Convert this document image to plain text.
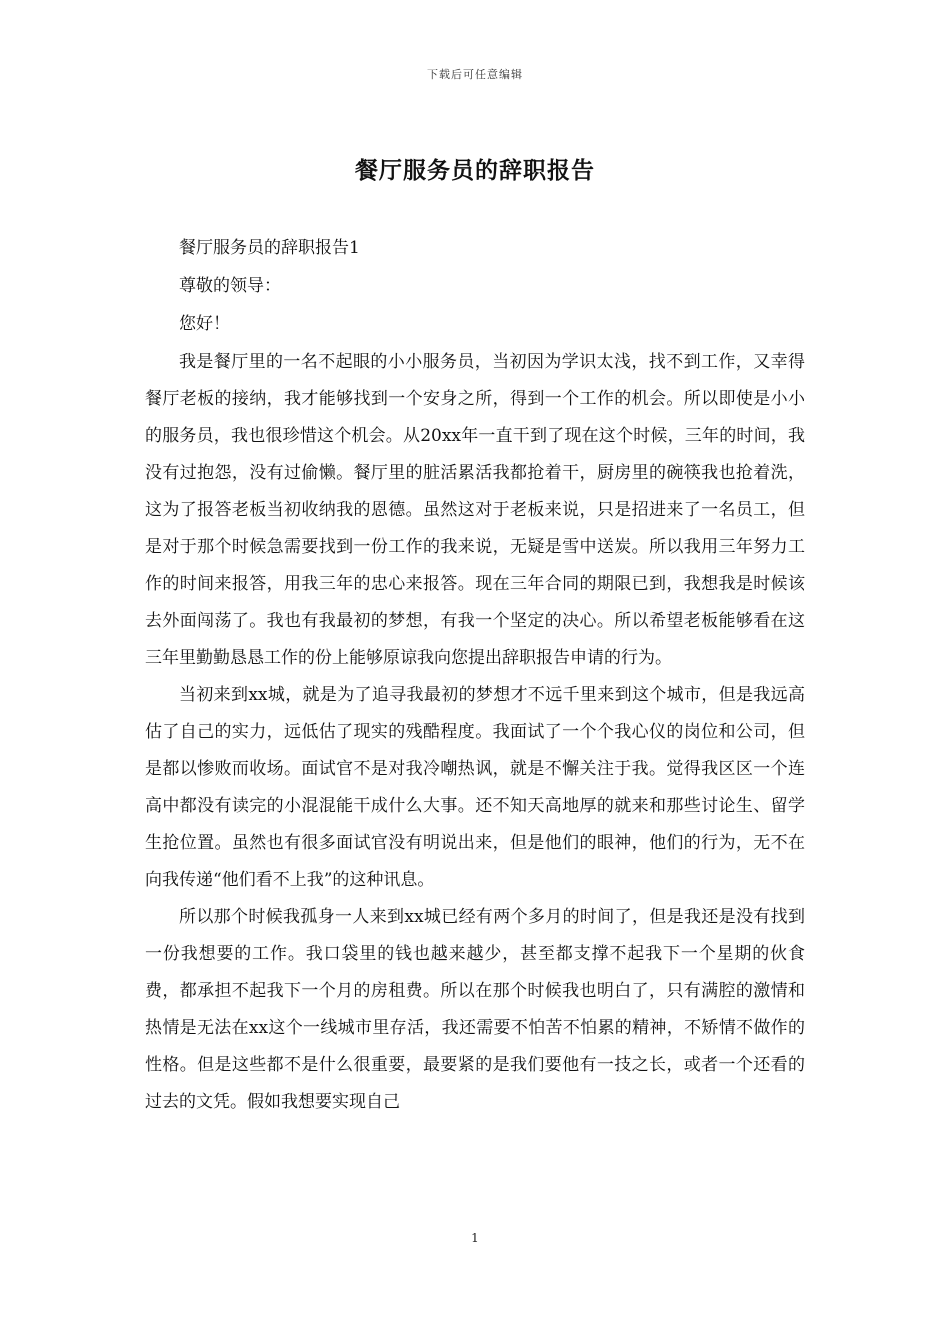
下载后可任意编辑
餐厅服务员的辞职报告

餐厅服务员的辞职报告1

尊敬的领导：

您好！

我是餐厅里的一名不起眼的小小服务员，当初因为学识太浅，找不到工作，又幸得餐厅老板的接纳，我才能够找到一个安身之所，得到一个工作的机会。所以即使是小小的服务员，我也很珍惜这个机会。从20xx年一直干到了现在这个时候，三年的时间，我没有过抱怨，没有过偷懒。餐厅里的脏活累活我都抢着干，厨房里的碗筷我也抢着洗，这为了报答老板当初收纳我的恩德。虽然这对于老板来说，只是招进来了一名员工，但是对于那个时候急需要找到一份工作的我来说，无疑是雪中送炭。所以我用三年努力工作的时间来报答，用我三年的忠心来报答。现在三年合同的期限已到，我想我是时候该去外面闯荡了。我也有我最初的梦想，有我一个坚定的决心。所以希望老板能够看在这三年里勤勤恳恳工作的份上能够原谅我向您提出辞职报告申请的行为。

当初来到xx城，就是为了追寻我最初的梦想才不远千里来到这个城市，但是我远高估了自己的实力，远低估了现实的残酷程度。我面试了一个个我心仪的岗位和公司，但是都以惨败而收场。面试官不是对我冷嘲热讽，就是不懈关注于我。觉得我区区一个连高中都没有读完的小混混能干成什么大事。还不知天高地厚的就来和那些讨论生、留学生抢位置。虽然也有很多面试官没有明说出来，但是他们的眼神，他们的行为，无不在向我传递“他们看不上我”的这种讯息。

所以那个时候我孤身一人来到xx城已经有两个多月的时间了，但是我还是没有找到一份我想要的工作。我口袋里的钱也越来越少，甚至都支撑不起我下一个星期的伙食费，都承担不起我下一个月的房租费。所以在那个时候我也明白了，只有满腔的激情和热情是无法在xx这个一线城市里存活，我还需要不怕苦不怕累的精神，不矫情不做作的性格。但是这些都不是什么很重要，最要紧的是我们要他有一技之长，或者一个还看的过去的文凭。假如我想要实现自己

1
